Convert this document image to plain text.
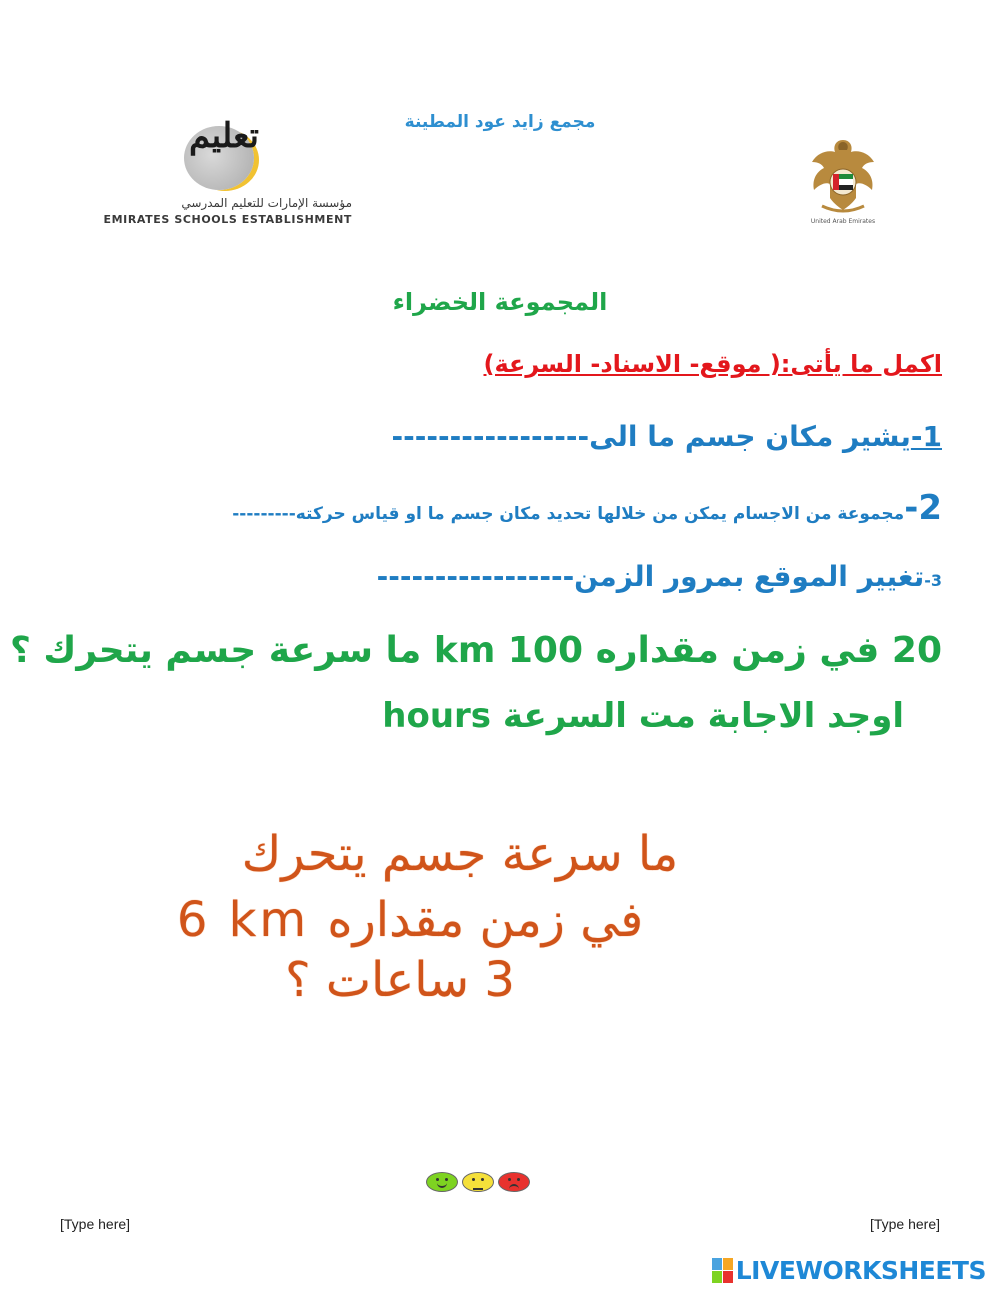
مجمع زايد عود المطينة
تعليم
مؤسسة الإمارات للتعليم المدرسي
EMIRATES SCHOOLS ESTABLISHMENT	United Arab Emirates
المجموعة الخضراء
اكمل ما يأتى:( موقع- الاسناد- السرعة)
1-يشير مكان جسم ما الى-----------------
2-مجموعة من الاجسام يمكن من خلالها تحديد مكان جسم ما او قياس حركته---------
3-تغيير الموقع بمرور الزمن-----------------
20 في زمن مقداره 100 km ما سرعة جسم يتحرك ؟
اوجد الاجابة مت السرعة hours
ما سرعة جسم يتحرك
6 km في زمن مقداره
3 ساعات ؟
[Type here]	[Type here]
LIVEWORKSHEETS
